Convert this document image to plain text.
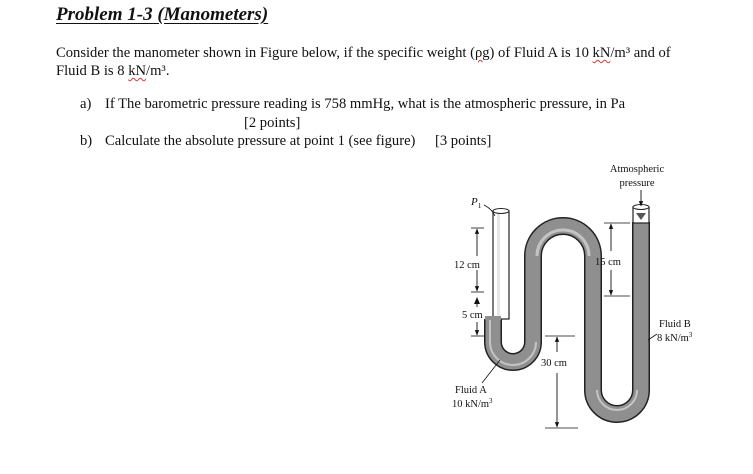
Problem 1-3 (Manometers)
Consider the manometer shown in Figure below, if the specific weight (ρg) of Fluid A is 10 kN/m³ and of
Fluid B is 8 kN/m³.
a) If The barometric pressure reading is 758 mmHg, what is the atmospheric pressure, in Pa
[2 points]
b) Calculate the absolute pressure at point 1 (see figure) [3 points]
Atmospheric
pressure
$P_1$
12 cm
5 cm
15 cm
30 cm
Fluid B
8 $kN/m^3$
Fluid A
10 $kN/m^3$
